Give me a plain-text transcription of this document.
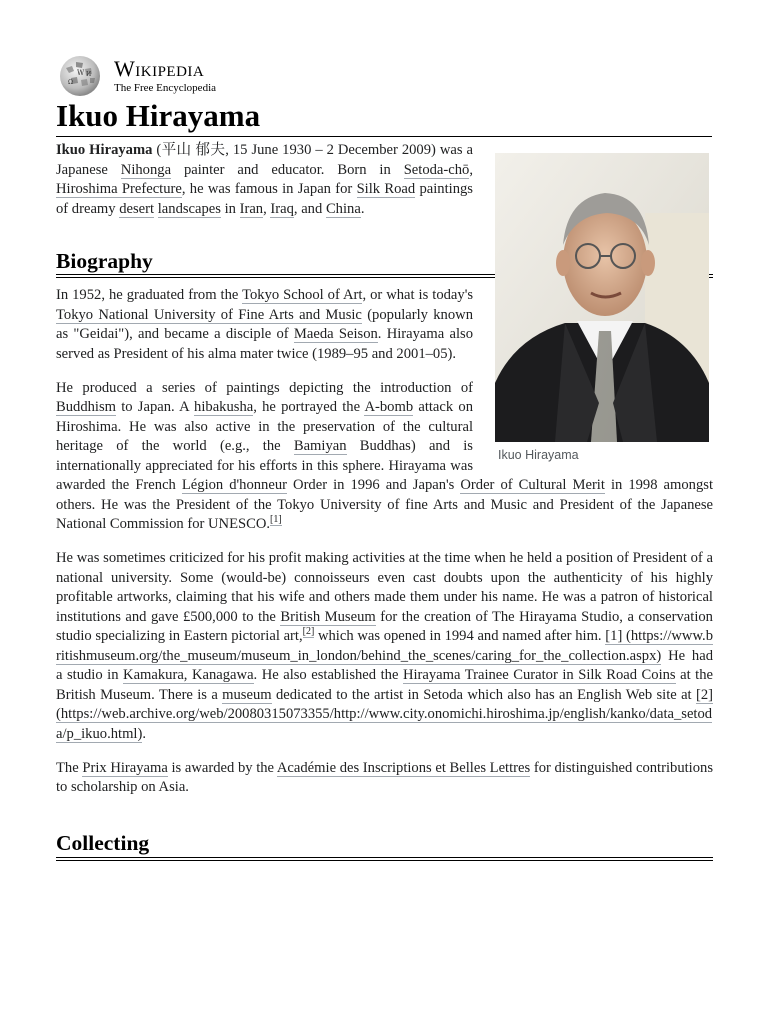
W
Ω
И Wikipedia
The Free Encyclopedia
Ikuo Hirayama
Ikuo Hirayama

Ikuo Hirayama (平山 郁夫, 15 June 1930 – 2 December 2009) was a Japanese Nihonga painter and educator. Born in Setoda-chō, Hiroshima Prefecture, he was famous in Japan for Silk Road paintings of dreamy desert landscapes in Iran, Iraq, and China.

Biography

In 1952, he graduated from the Tokyo School of Art, or what is today's Tokyo National University of Fine Arts and Music (popularly known as "Geidai"), and became a disciple of Maeda Seison. Hirayama also served as President of his alma mater twice (1989–95 and 2001–05).

He produced a series of paintings depicting the introduction of Buddhism to Japan. A hibakusha, he portrayed the A-bomb attack on Hiroshima. He was also active in the preservation of the cultural heritage of the world (e.g., the Bamiyan Buddhas) and is internationally appreciated for his efforts in this sphere. Hirayama was awarded the French Légion d'honneur Order in 1996 and Japan's Order of Cultural Merit in 1998 amongst others. He was the President of the Tokyo University of fine Arts and Music and President of the Japanese National Commission for UNESCO.[1]

He was sometimes criticized for his profit making activities at the time when he held a position of President of a national university. Some (would-be) connoisseurs even cast doubts upon the authenticity of his highly profitable artworks, claiming that his wife and others made them under his name. He was a patron of historical institutions and gave £500,000 to the British Museum for the creation of The Hirayama Studio, a conservation studio specializing in Eastern pictorial art,[2] which was opened in 1994 and named after him. [1] (https://www.britishmuseum.org/the_museum/museum_in_london/behind_the_scenes/caring_for_the_collection.aspx) He had a studio in Kamakura, Kanagawa. He also established the Hirayama Trainee Curator in Silk Road Coins at the British Museum. There is a museum dedicated to the artist in Setoda which also has an English Web site at [2] (https://web.archive.org/web/20080315073355/http://www.city.onomichi.hiroshima.jp/english/kanko/data_setoda/p_ikuo.html).

The Prix Hirayama is awarded by the Académie des Inscriptions et Belles Lettres for distinguished contributions to scholarship on Asia.

Collecting
